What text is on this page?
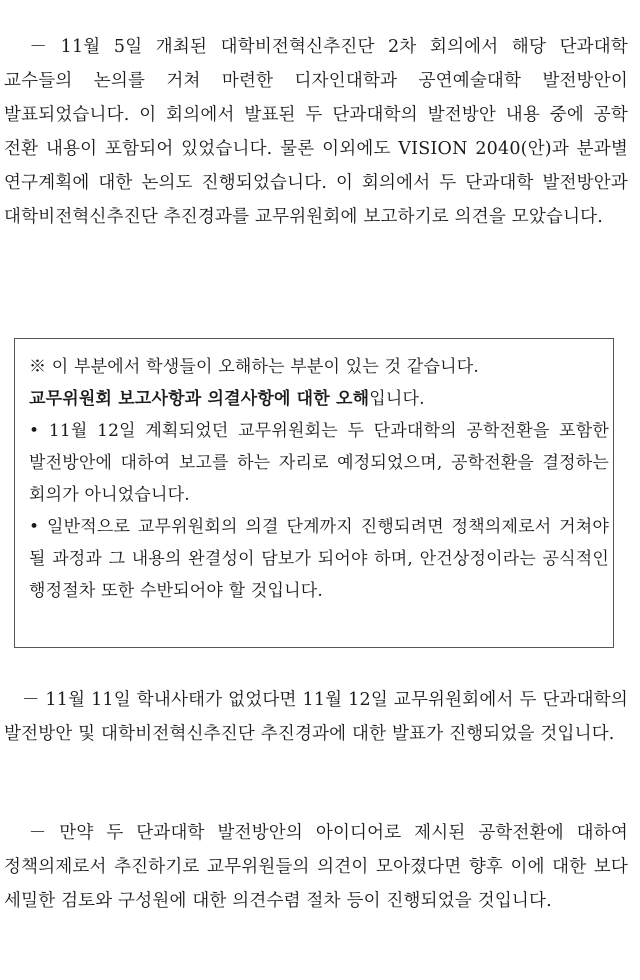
　－ 11월 5일 개최된 대학비전혁신추진단 2차 회의에서 해당 단과대학 교수들의 논의를 거쳐 마련한 디자인대학과 공연예술대학 발전방안이 발표되었습니다. 이 회의에서 발표된 두 단과대학의 발전방안 내용 중에 공학 전환 내용이 포함되어 있었습니다. 물론 이외에도 VISION 2040(안)과 분과별 연구계획에 대한 논의도 진행되었습니다. 이 회의에서 두 단과대학 발전방안과 대학비전혁신추진단 추진경과를 교무위원회에 보고하기로 의견을 모았습니다.

※ 이 부분에서 학생들이 오해하는 부분이 있는 것 같습니다.
교무위원회 보고사항과 의결사항에 대한 오해입니다.
• 11월 12일 계획되었던 교무위원회는 두 단과대학의 공학전환을 포함한 발전방안에 대하여 보고를 하는 자리로 예정되었으며, 공학전환을 결정하는 회의가 아니었습니다.
• 일반적으로 교무위원회의 의결 단계까지 진행되려면 정책의제로서 거쳐야 될 과정과 그 내용의 완결성이 담보가 되어야 하며, 안건상정이라는 공식적인 행정절차 또한 수반되어야 할 것입니다.

　－ 11월 11일 학내사태가 없었다면 11월 12일 교무위원회에서 두 단과대학의 발전방안 및 대학비전혁신추진단 추진경과에 대한 발표가 진행되었을 것입니다.

　－ 만약 두 단과대학 발전방안의 아이디어로 제시된 공학전환에 대하여 정책의제로서 추진하기로 교무위원들의 의견이 모아졌다면 향후 이에 대한 보다 세밀한 검토와 구성원에 대한 의견수렴 절차 등이 진행되었을 것입니다.
